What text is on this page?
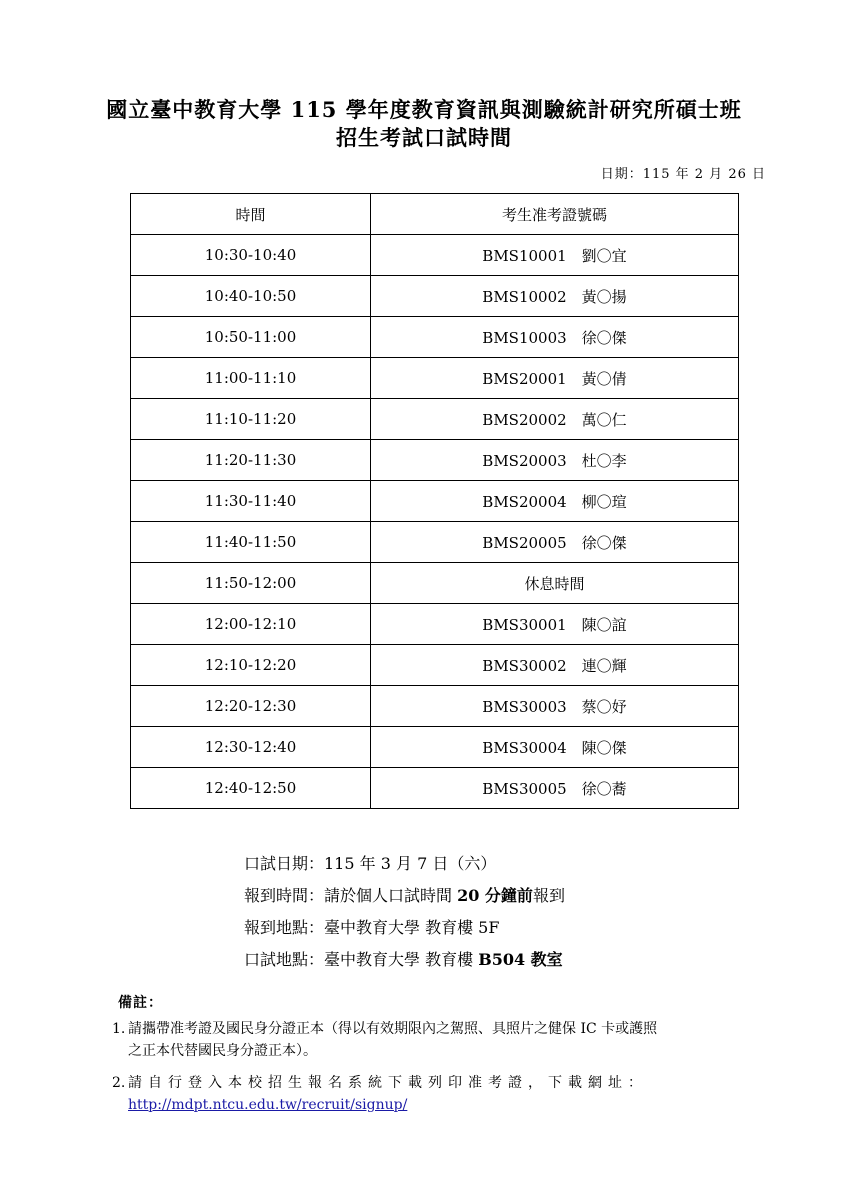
國立臺中教育大學 115 學年度教育資訊與測驗統計研究所碩士班
招生考試口試時間
日期：115 年 2 月 26 日
時間	考生准考證號碼
10:30-10:40	BMS10001　劉〇宜
10:40-10:50	BMS10002　黃〇揚
10:50-11:00	BMS10003　徐〇傑
11:00-11:10	BMS20001　黃〇倩
11:10-11:20	BMS20002　萬〇仁
11:20-11:30	BMS20003　杜〇李
11:30-11:40	BMS20004　柳〇瑄
11:40-11:50	BMS20005　徐〇傑
11:50-12:00	休息時間
12:00-12:10	BMS30001　陳〇誼
12:10-12:20	BMS30002　連〇輝
12:20-12:30	BMS30003　蔡〇妤
12:30-12:40	BMS30004　陳〇傑
12:40-12:50	BMS30005　徐〇蕎
口試日期：115 年 3 月 7 日（六）
報到時間：請於個人口試時間 20 分鐘前報到
報到地點：臺中教育大學 教育樓 5F
口試地點：臺中教育大學 教育樓 B504 教室
備註：
1. 請攜帶准考證及國民身分證正本（得以有效期限內之駕照、具照片之健保 IC 卡或護照
之正本代替國民身分證正本）。
2. 請自行登入本校招生報名系統下載列印准考證，下載網址：
http://mdpt.ntcu.edu.tw/recruit/signup/
